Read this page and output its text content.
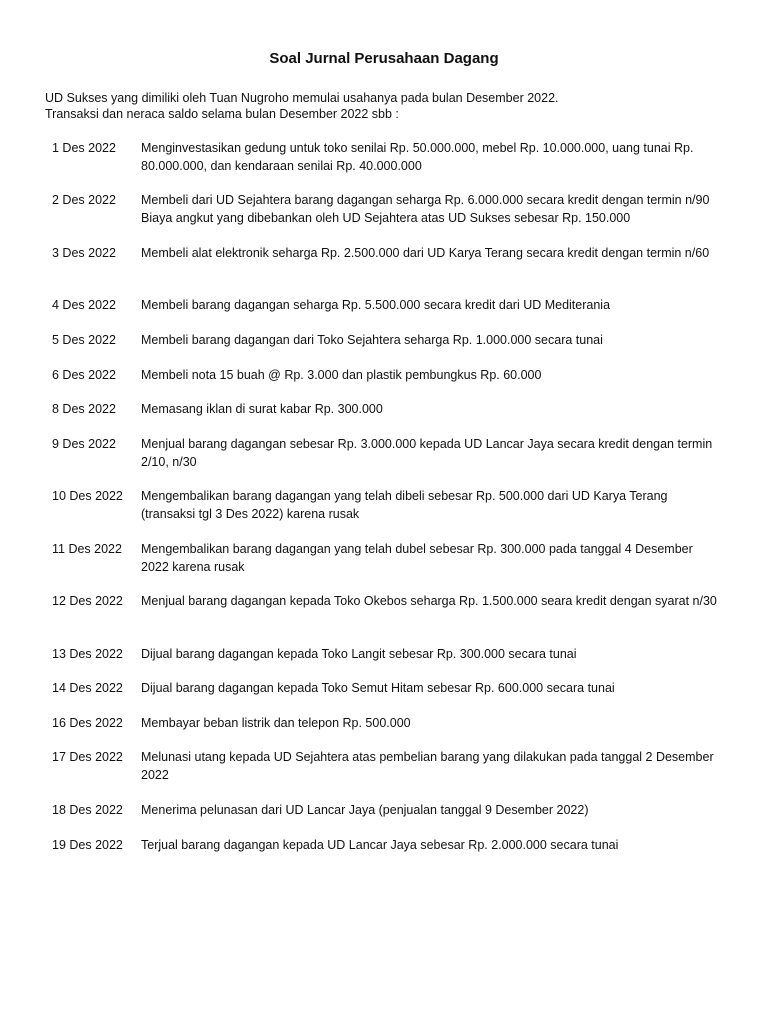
Soal Jurnal Perusahaan Dagang
UD Sukses yang dimiliki oleh Tuan Nugroho memulai usahanya pada bulan Desember 2022.
Transaksi dan neraca saldo selama bulan Desember 2022 sbb :
1 Des 2022	Menginvestasikan gedung untuk toko senilai Rp. 50.000.000, mebel Rp. 10.000.000, uang tunai Rp. 80.000.000, dan kendaraan senilai Rp. 40.000.000
2 Des 2022	Membeli dari UD Sejahtera barang dagangan seharga Rp. 6.000.000 secara kredit dengan termin n/90 Biaya angkut yang dibebankan oleh UD Sejahtera atas UD Sukses sebesar Rp. 150.000
3 Des 2022	Membeli alat elektronik seharga Rp. 2.500.000 dari UD Karya Terang secara kredit dengan termin n/60
4 Des 2022	Membeli barang dagangan seharga Rp. 5.500.000 secara kredit dari UD Mediterania
5 Des 2022	Membeli barang dagangan dari Toko Sejahtera seharga Rp. 1.000.000 secara tunai
6 Des 2022	Membeli nota 15 buah @ Rp. 3.000 dan plastik pembungkus Rp. 60.000
8 Des 2022	Memasang iklan di surat kabar Rp. 300.000
9 Des 2022	Menjual barang dagangan sebesar Rp. 3.000.000 kepada UD Lancar Jaya secara kredit dengan termin 2/10, n/30
10 Des 2022	Mengembalikan barang dagangan yang telah dibeli sebesar Rp. 500.000 dari UD Karya Terang (transaksi tgl 3 Des 2022) karena rusak
11 Des 2022	Mengembalikan barang dagangan yang telah dubel sebesar Rp. 300.000 pada tanggal 4 Desember 2022 karena rusak
12 Des 2022	Menjual barang dagangan kepada Toko Okebos seharga Rp. 1.500.000 seara kredit dengan syarat n/30
13 Des 2022	Dijual barang dagangan kepada Toko Langit sebesar Rp. 300.000 secara tunai
14 Des 2022	Dijual barang dagangan kepada Toko Semut Hitam sebesar Rp. 600.000 secara tunai
16 Des 2022	Membayar beban listrik dan telepon Rp. 500.000
17 Des 2022	Melunasi utang kepada UD Sejahtera atas pembelian barang yang dilakukan pada tanggal 2 Desember 2022
18 Des 2022	Menerima pelunasan dari UD Lancar Jaya (penjualan tanggal 9 Desember 2022)
19 Des 2022	Terjual barang dagangan kepada UD Lancar Jaya sebesar Rp. 2.000.000 secara tunai
